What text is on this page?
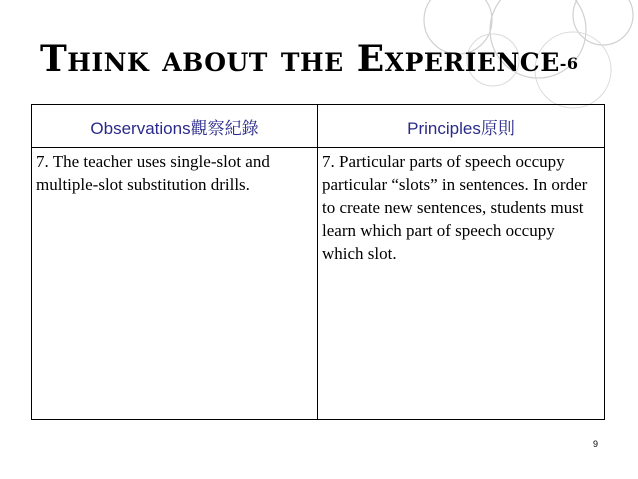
Think about the Experience-6
Observations觀察紀錄	Principles原則
7. The teacher uses single-slot and multiple-slot substitution drills.	7. Particular parts of speech occupy particular “slots” in sentences. In order to create new sentences, students must learn which part of speech occupy which slot.
9
